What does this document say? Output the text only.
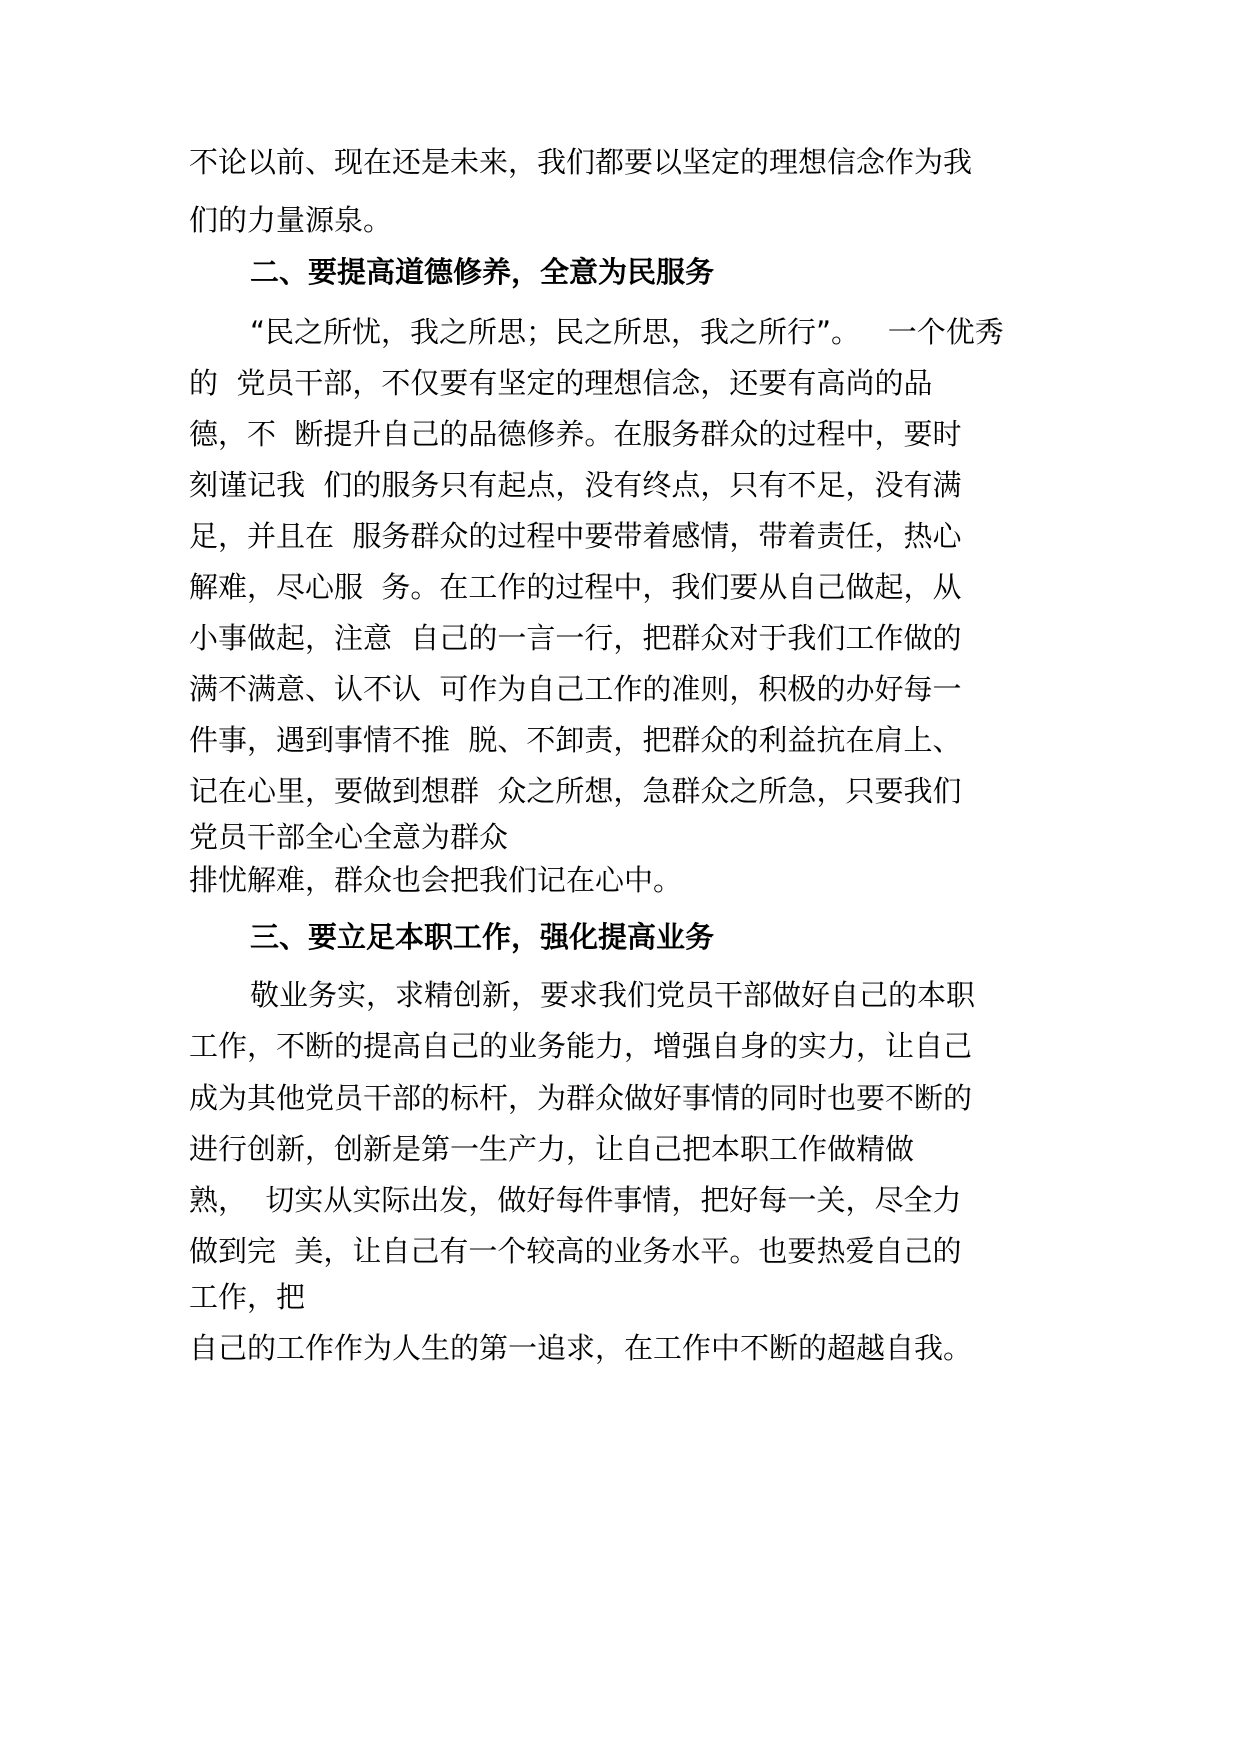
不论以前、现在还是未来，我们都要以坚定的理想信念作为我

们的力量源泉。

二、要提高道德修养，全意为民服务

“民之所忧，我之所思；民之所思，我之所行”。   一个优秀

的  党员干部，不仅要有坚定的理想信念，还要有高尚的品

德，不  断提升自己的品德修养。在服务群众的过程中，要时

刻谨记我  们的服务只有起点，没有终点，只有不足，没有满

足，并且在  服务群众的过程中要带着感情，带着责任，热心

解难，尽心服  务。在工作的过程中，我们要从自己做起，从

小事做起，注意  自己的一言一行，把群众对于我们工作做的

满不满意、认不认  可作为自己工作的准则，积极的办好每一

件事，遇到事情不推  脱、不卸责，把群众的利益抗在肩上、

记在心里，要做到想群  众之所想，急群众之所急，只要我们

党员干部全心全意为群众

排忧解难，群众也会把我们记在心中。

三、要立足本职工作，强化提高业务

敬业务实，求精创新，要求我们党员干部做好自己的本职

工作，不断的提高自己的业务能力，增强自身的实力，让自己

成为其他党员干部的标杆，为群众做好事情的同时也要不断的

进行创新，创新是第一生产力，让自己把本职工作做精做

熟，  切实从实际出发，做好每件事情，把好每一关，尽全力

做到完  美，让自己有一个较高的业务水平。也要热爱自己的

工作，把

自己的工作作为人生的第一追求，在工作中不断的超越自我。
